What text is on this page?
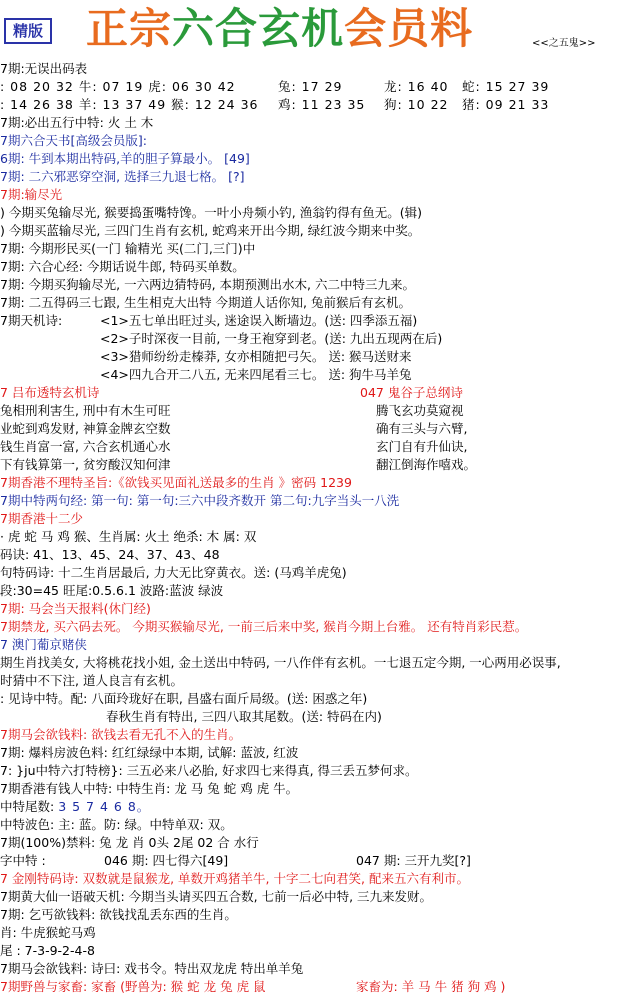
精版 正宗六合玄机会员料	<<之五鬼>>
7期:无误出码表
: 08 20 32 牛: 07 19 虎: 06 30 42	兔: 17 29	龙: 16 40 蛇: 15 27 39
: 14 26 38 羊: 13 37 49 猴: 12 24 36 鸡: 11 23 35 狗: 10 22 猪: 09 21 33
7期:必出五行中特: 火 土 木
7期六合天书[高级会员版]:
6期: 牛到本期出特码,羊的胆子算最小。 [49]
7期: 二六邪恶穿空洞, 选择三九退七格。 [?]
7期:输尽光
) 今期买兔输尽光, 猴要捣蛋嘴特馋。一叶小舟频小钓, 渔翁钓得有鱼无。(辑)
) 今期买蓝输尽光, 三四门生肖有玄机, 蛇鸡来开出今期, 绿红波今期来中奖。
7期: 今期形民买(一门 输精光 买(二门,三门)中
7期: 六合心经: 今期话说牛郎, 特码买单数。
7期: 今期买狗输尽光, 一六两边猜特码, 本期预测出水木, 六二中特三九来。
7期: 二五得码三七跟, 生生相克大出特 今期道人话你知, 兔前猴后有玄机。
7期天机诗:	<1>五七单出旺过头, 迷途误入断墙边。(送: 四季添五福)
<2>子时深夜一目前, 一身王袍穿到老。(送: 九出五现两在后)
<3>猎师纷纷走榛莽, 女亦相随把弓矢。 送: 猴马送财来
<4>四九合开二八五, 无来四尾看三七。 送: 狗牛马羊兔
7 吕布透特玄机诗	047 鬼谷子总纲诗
兔相刑利害生, 刑中有木生可旺	腾飞玄功莫窥视
业蛇到鸡发财, 神算金牌玄空数	确有三头与六臂,
钱生肖富一富, 六合玄机通心水	玄门自有升仙诀,
下有钱算第一, 贫穷酸汉知何津	翻江倒海作嘻戏。
7期香港不理特圣旨:《欲钱买见面礼送最多的生肖 》密码 1239
7期中特两句经: 第一句: 第一句:三六中段齐数开 第二句:九字当头一八洗
7期香港十二少
· 虎 蛇 马 鸡 猴、生肖属: 火土 绝杀: 木 属: 双
码诀: 41、13、45、24、37、43、48
句特码诗: 十二生肖居最后, 力大无比穿黄衣。送: (马鸡羊虎兔)
段:30=45 旺尾:0.5.6.1 波路:蓝波 绿波
7期: 马会当天报料(休门经)
7期禁龙, 买六码去死。 今期买猴输尽光, 一前三后来中奖, 猴肖今期上台雅。 还有特肖彩民惹。
7 澳门葡京赌侠
期生肖找美女, 大将桃花找小姐, 金土送出中特码, 一八作伴有玄机。一七退五定今期, 一心两用必误事,
时猜中不下注, 道人良言有玄机。
: 见诗中特。配: 八面玲珑好在职, 昌盛右面斤局级。(送: 困惑之年)
春秋生肖有特出, 三四八取其尾数。(送: 特码在内)
7期马会欲钱料: 欲钱去看无孔不入的生肖。
7期: 爆料房波色料: 红红绿绿中本期, 试解: 蓝波, 红波
7: }ju中特六打特榜}: 三五必来八必胎, 好求四七来得真, 得三丢五梦何求。
7期香港有钱人中特: 中特生肖: 龙 马 兔 蛇 鸡 虎 牛。
中特尾数: 3 5 7 4 6 8。
中特波色: 主: 蓝。防: 绿。中特单双: 双。
7期(100%)禁料: 兔 龙 肖 0头 2尾 02 合 水行
字中特 :	046 期: 四七得六[49]	047 期: 三开九奖[?]
7 金刚特码诗: 双数就是鼠猴龙, 单数开鸡猪羊牛, 十字二七向君笑, 配来五六有利市。
7期黄大仙一语破天机: 今期当头请买四五合数, 七前一后必中特, 三九来发财。
7期: 乞丐欲钱料: 欲钱找乱丢东西的生肖。
肖: 牛虎猴蛇马鸡
尾 : 7-3-9-2-4-8
7期马会欲钱料: 诗曰: 戏书令。特出双龙虎 特出单羊兔
7期野兽与家畜: 家畜 (野兽为: 猴 蛇 龙 兔 虎 鼠	家畜为: 羊 马 牛 猪 狗 鸡 )
